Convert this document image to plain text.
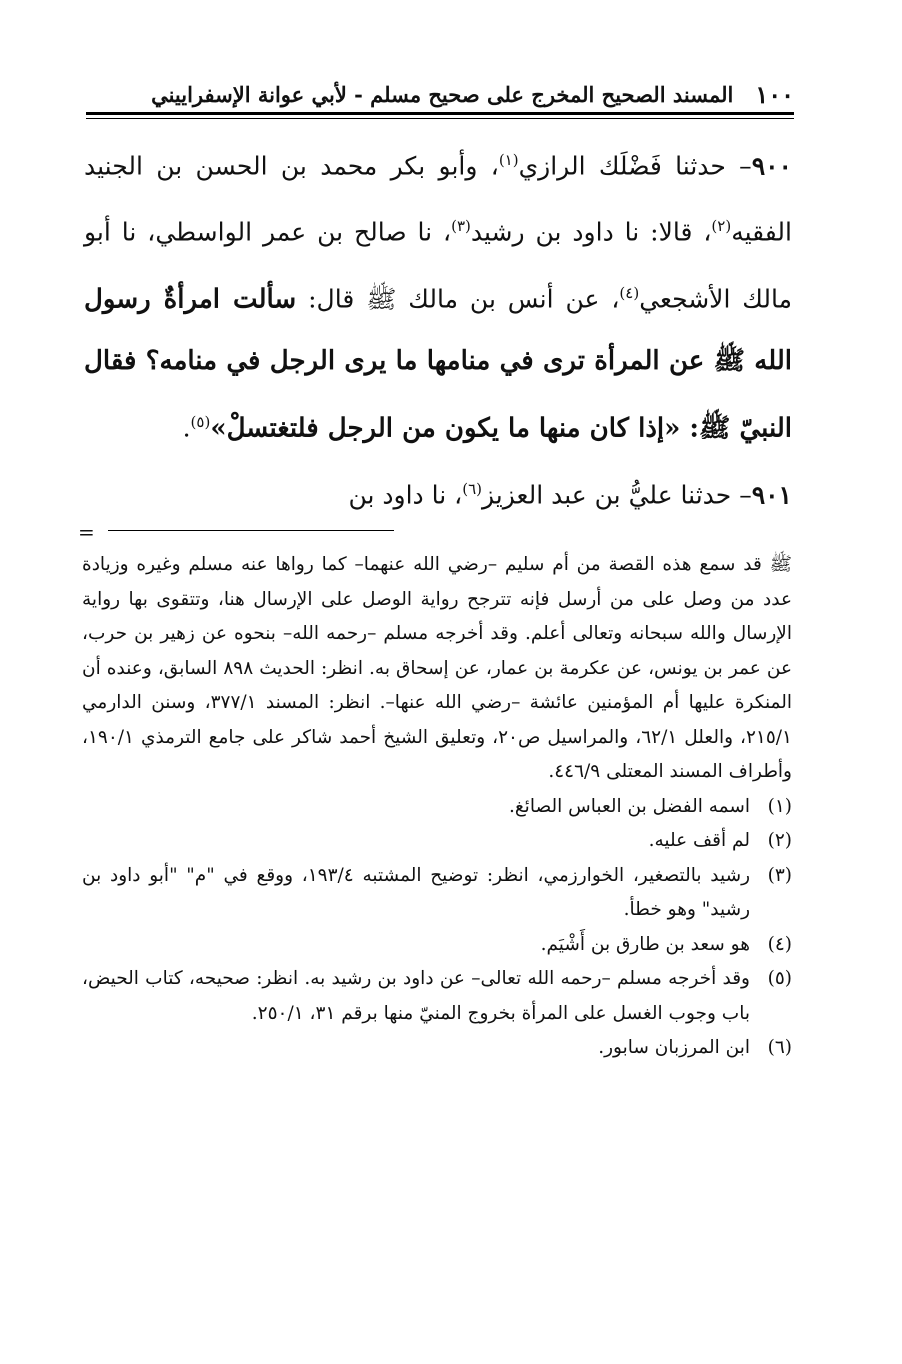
١٠٠
المسند الصحيح المخرج على صحيح مسلم - لأبي عوانة الإسفراييني

٩٠٠– حدثنا فَضْلَك الرازي$^{(١)}$، وأبو بكر محمد بن الحسن بن الجنيد الفقيه$^{(٢)}$، قالا: نا داود بن رشيد$^{(٣)}$، نا صالح بن عمر الواسطي، نا أبو مالك الأشجعي$^{(٤)}$، عن أنس بن مالك ﷺ قال: سألت امرأةٌ رسول الله ﷺ عن المرأة ترى في منامها ما يرى الرجل في منامه؟ فقال النبيّ ﷺ: «إذا كان منها ما يكون من الرجل فلتغتسلْ»$^{(٥)}$.

٩٠١– حدثنا عليُّ بن عبد العزيز$^{(٦)}$، نا داود بن

=

ﷺ قد سمع هذه القصة من أم سليم –رضي الله عنهما– كما رواها عنه مسلم وغيره وزيادة عدد من وصل على من أرسل فإنه تترجح رواية الوصل على الإرسال هنا، وتتقوى بها رواية الإرسال والله سبحانه وتعالى أعلم. وقد أخرجه مسلم –رحمه الله– بنحوه عن زهير بن حرب، عن عمر بن يونس، عن عكرمة بن عمار، عن إسحاق به. انظر: الحديث ٨٩٨ السابق، وعنده أن المنكرة عليها أم المؤمنين عائشة –رضي الله عنها–. انظر: المسند ٣٧٧/١، وسنن الدارمي ٢١٥/١، والعلل ٦٢/١، والمراسيل ص٢٠، وتعليق الشيخ أحمد شاكر على جامع الترمذي ١٩٠/١، وأطراف المسند المعتلى ٤٤٦/٩.

(١)اسمه الفضل بن العباس الصائغ.
(٢)لم أقف عليه.
(٣)رشيد بالتصغير، الخوارزمي، انظر: توضيح المشتبه ١٩٣/٤، ووقع في "م" "أبو داود بن رشيد" وهو خطأ.
(٤)هو سعد بن طارق بن أَشْيَم.
(٥)وقد أخرجه مسلم –رحمه الله تعالى– عن داود بن رشيد به. انظر: صحيحه، كتاب الحيض، باب وجوب الغسل على المرأة بخروج المنيّ منها برقم ٣١، ٢٥٠/١.
(٦)ابن المرزبان سابور.
